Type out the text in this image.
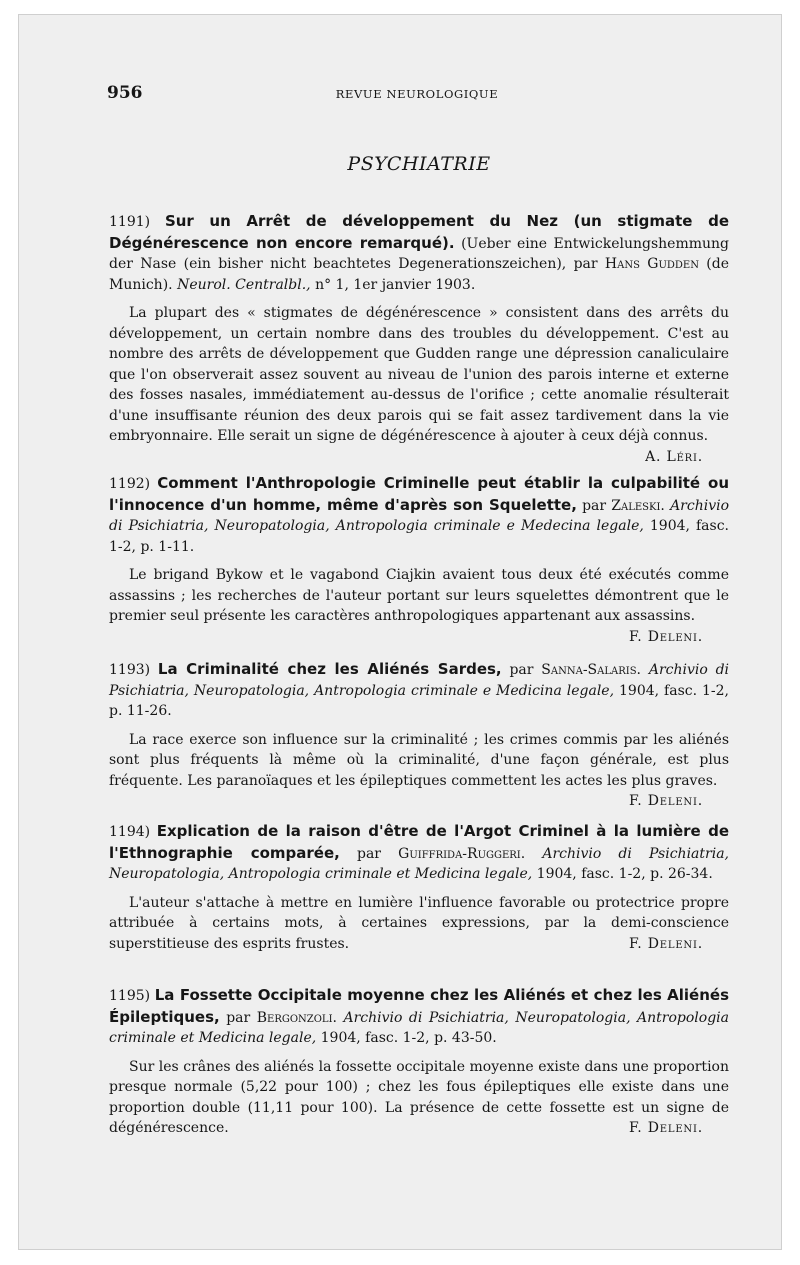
956	REVUE NEUROLOGIQUE
PSYCHIATRIE
1191) Sur un Arrêt de développement du Nez (un stigmate de Dégénérescence non encore remarqué). (Ueber eine Entwickelungshemmung der Nase (ein bisher nicht beachtetes Degenerationszeichen), par Hans Gudden (de Munich). Neurol. Centralbl., n° 1, 1er janvier 1903.
La plupart des « stigmates de dégénérescence » consistent dans des arrêts du développement, un certain nombre dans des troubles du développement. C'est au nombre des arrêts de développement que Gudden range une dépression canaliculaire que l'on observerait assez souvent au niveau de l'union des parois interne et externe des fosses nasales, immédiatement au-dessus de l'orifice ; cette anomalie résulterait d'une insuffisante réunion des deux parois qui se fait assez tardivement dans la vie embryonnaire. Elle serait un signe de dégénérescence à ajouter à ceux déjà connus.
A. Léri.
1192) Comment l'Anthropologie Criminelle peut établir la culpabilité ou l'innocence d'un homme, même d'après son Squelette, par Zaleski. Archivio di Psichiatria, Neuropatologia, Antropologia criminale e Medecina legale, 1904, fasc. 1-2, p. 1-11.
Le brigand Bykow et le vagabond Ciajkin avaient tous deux été exécutés comme assassins ; les recherches de l'auteur portant sur leurs squelettes démontrent que le premier seul présente les caractères anthropologiques appartenant aux assassins.
F. Deleni.
1193) La Criminalité chez les Aliénés Sardes, par Sanna-Salaris. Archivio di Psichiatria, Neuropatologia, Antropologia criminale e Medicina legale, 1904, fasc. 1-2, p. 11-26.
La race exerce son influence sur la criminalité ; les crimes commis par les aliénés sont plus fréquents là même où la criminalité, d'une façon générale, est plus fréquente. Les paranoïaques et les épileptiques commettent les actes les plus graves.
F. Deleni.
1194) Explication de la raison d'être de l'Argot Criminel à la lumière de l'Ethnographie comparée, par Guiffrida-Ruggeri. Archivio di Psichiatria, Neuropatologia, Antropologia criminale et Medicina legale, 1904, fasc. 1-2, p. 26-34.
L'auteur s'attache à mettre en lumière l'influence favorable ou protectrice propre attribuée à certains mots, à certaines expressions, par la demi-conscience superstitieuse des esprits frustes.	F. Deleni.
1195) La Fossette Occipitale moyenne chez les Aliénés et chez les Aliénés Épileptiques, par Bergonzoli. Archivio di Psichiatria, Neuropatologia, Antropologia criminale et Medicina legale, 1904, fasc. 1-2, p. 43-50.
Sur les crânes des aliénés la fossette occipitale moyenne existe dans une proportion presque normale (5,22 pour 100) ; chez les fous épileptiques elle existe dans une proportion double (11,11 pour 100). La présence de cette fossette est un signe de dégénérescence.	F. Deleni.
